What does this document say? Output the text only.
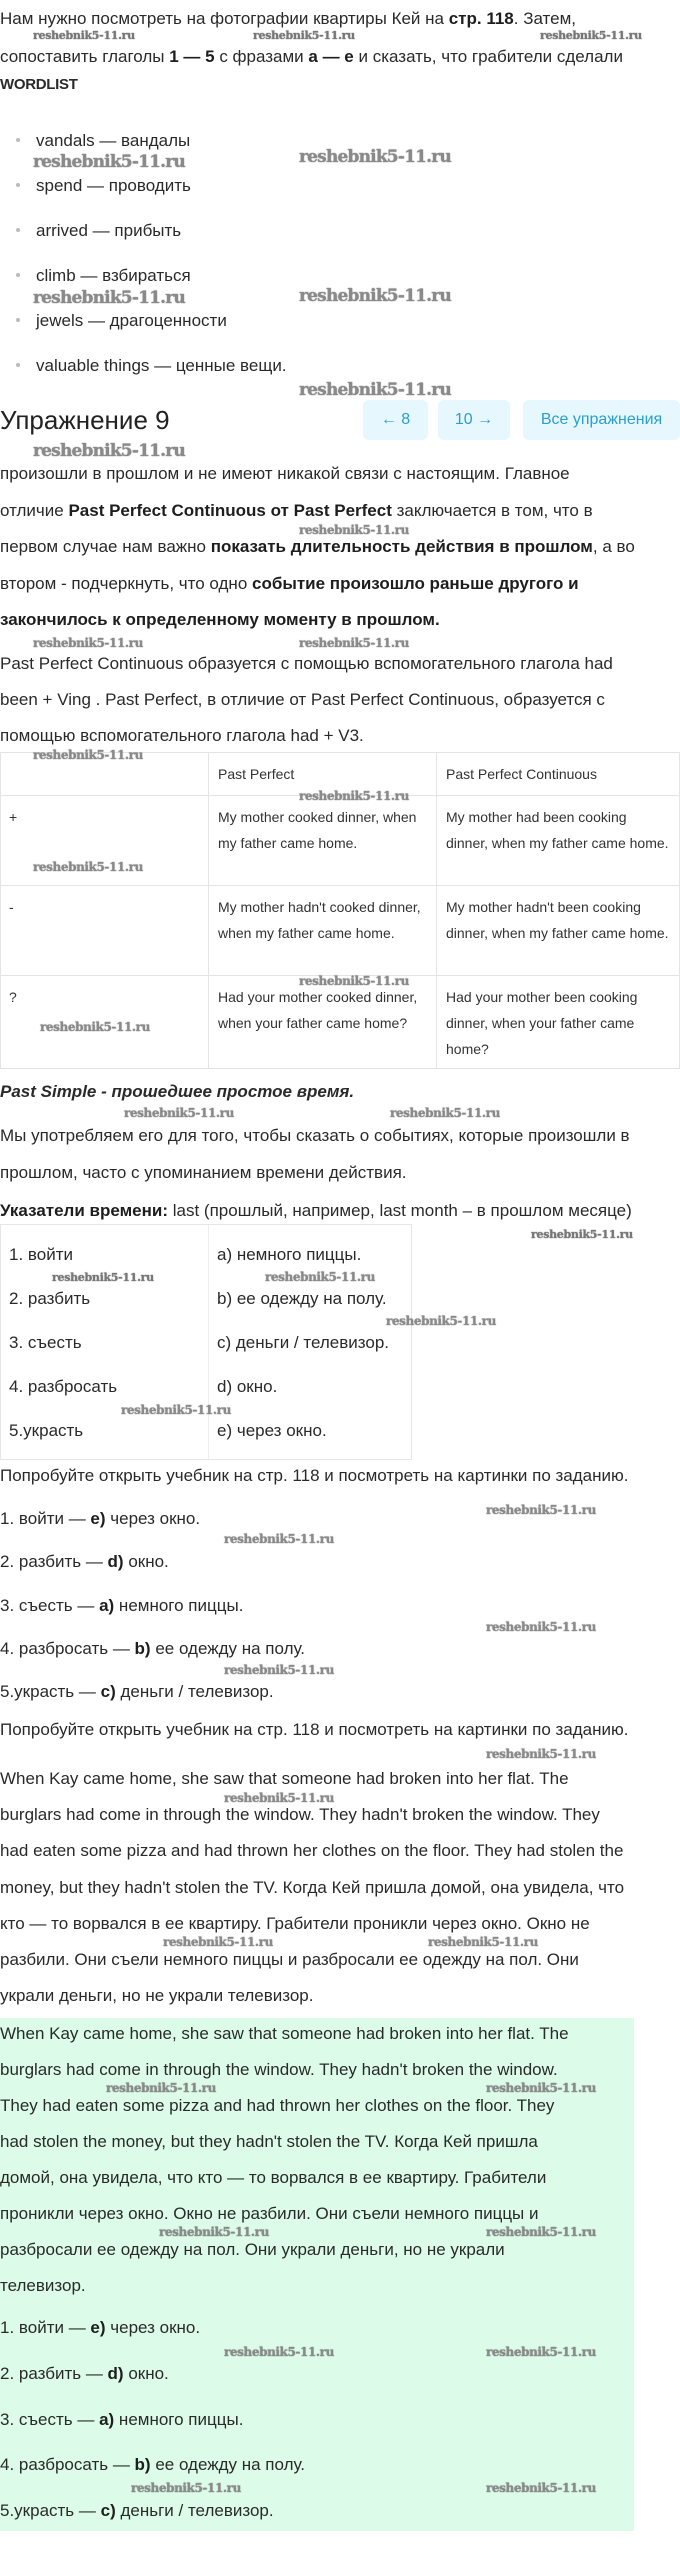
Нам нужно посмотреть на фотографии квартиры Кей на стр. 118. Затем,
сопоставить глаголы 1 — 5 с фразами a — e и сказать, что грабители сделали
WORDLIST
vandals — вандалы
spend — проводить
arrived — прибыть
climb — взбираться
jewels — драгоценности
valuable things — ценные вещи.
Упражнение 9	← 8	10 →	Все упражнения
произошли в прошлом и не имеют никакой связи с настоящим. Главное
отличие Past Perfect Continuous от Past Perfect заключается в том, что в
первом случае нам важно показать длительность действия в прошлом, а во
втором - подчеркнуть, что одно событие произошло раньше другого и
закончилось к определенному моменту в прошлом.
Past Perfect Continuous образуется с помощью вспомогательного глагола had
been + Ving . Past Perfect, в отличие от Past Perfect Continuous, образуется с
помощью вспомогательного глагола had + V3.
	Past Perfect	Past Perfect Continuous
+	My mother cooked dinner, when my father came home.	My mother had been cooking dinner, when my father came home.
-	My mother hadn't cooked dinner, when my father came home.	My mother hadn't been cooking dinner, when my father came home.
?	Had your mother cooked dinner, when your father came home?	Had your mother been cooking dinner, when your father came home?
Past Simple - прошедшее простое время.
Мы употребляем его для того, чтобы сказать о событиях, которые произошли в
прошлом, часто с упоминанием времени действия.
Указатели времени: last (прошлый, например, last month – в прошлом месяце)
1. войти	a) немного пиццы.
2. разбить	b) ее одежду на полу.
3. съесть	c) деньги / телевизор.
4. разбросать	d) окно.
5.украсть	e) через окно.
Попробуйте открыть учебник на стр. 118 и посмотреть на картинки по заданию.
1. войти — e) через окно.
2. разбить — d) окно.
3. съесть — a) немного пиццы.
4. разбросать — b) ее одежду на полу.
5.украсть — c) деньги / телевизор.
Попробуйте открыть учебник на стр. 118 и посмотреть на картинки по заданию.
When Kay came home, she saw that someone had broken into her flat. The
burglars had come in through the window. They hadn't broken the window. They
had eaten some pizza and had thrown her clothes on the floor. They had stolen the
money, but they hadn't stolen the TV. Когда Кей пришла домой, она увидела, что
кто — то ворвался в ее квартиру. Грабители проникли через окно. Окно не
разбили. Они съели немного пиццы и разбросали ее одежду на пол. Они
украли деньги, но не украли телевизор.
When Kay came home, she saw that someone had broken into her flat. The
burglars had come in through the window. They hadn't broken the window.
They had eaten some pizza and had thrown her clothes on the floor. They
had stolen the money, but they hadn't stolen the TV. Когда Кей пришла
домой, она увидела, что кто — то ворвался в ее квартиру. Грабители
проникли через окно. Окно не разбили. Они съели немного пиццы и
разбросали ее одежду на пол. Они украли деньги, но не украли
телевизор.
1. войти — e) через окно.
2. разбить — d) окно.
3. съесть — a) немного пиццы.
4. разбросать — b) ее одежду на полу.
5.украсть — c) деньги / телевизор.
reshebnik5-11.ru	reshebnik5-11.ru	reshebnik5-11.ru
reshebnik5-11.ru	reshebnik5-11.ru
reshebnik5-11.ru	reshebnik5-11.ru
reshebnik5-11.ru
reshebnik5-11.ru
reshebnik5-11.ru
reshebnik5-11.ru	reshebnik5-11.ru
reshebnik5-11.ru
reshebnik5-11.ru
reshebnik5-11.ru
reshebnik5-11.ru
reshebnik5-11.ru
reshebnik5-11.ru	reshebnik5-11.ru
reshebnik5-11.ru
reshebnik5-11.ru	reshebnik5-11.ru
reshebnik5-11.ru
reshebnik5-11.ru
reshebnik5-11.ru
reshebnik5-11.ru
reshebnik5-11.ru
reshebnik5-11.ru
reshebnik5-11.ru
reshebnik5-11.ru
reshebnik5-11.ru	reshebnik5-11.ru
reshebnik5-11.ru	reshebnik5-11.ru
reshebnik5-11.ru	reshebnik5-11.ru
reshebnik5-11.ru	reshebnik5-11.ru
reshebnik5-11.ru	reshebnik5-11.ru
